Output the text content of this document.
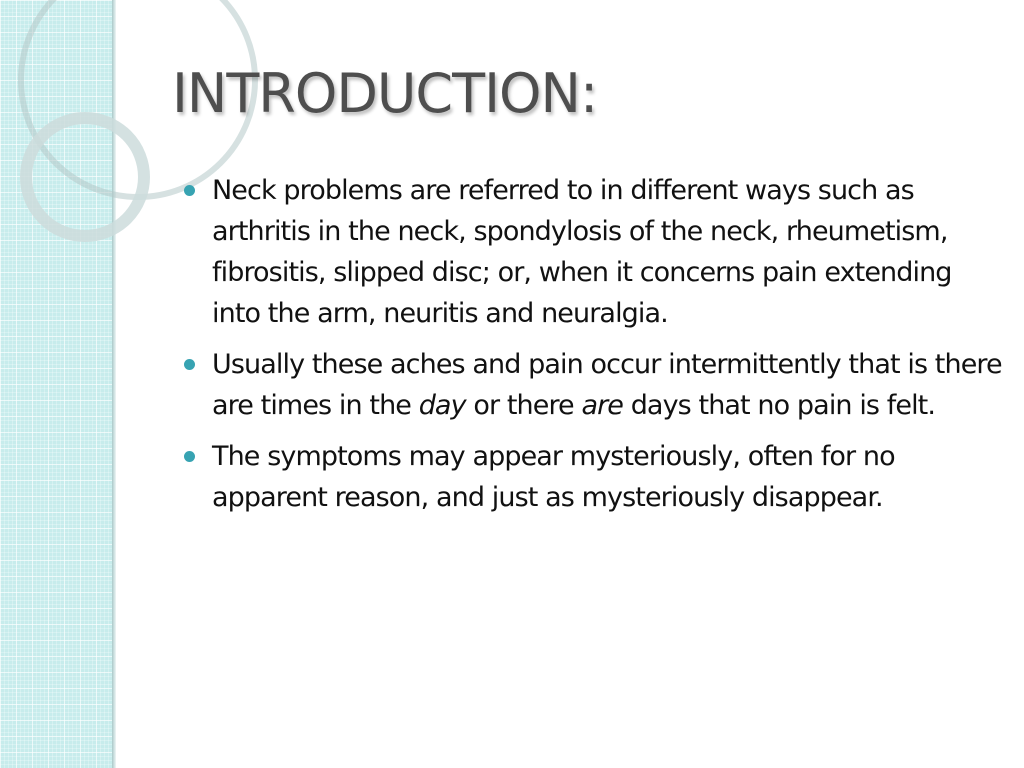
INTRODUCTION:
Neck problems are referred to in different ways such as arthritis in the neck, spondylosis of the neck, rheumetism, fibrositis, slipped disc; or, when it concerns pain extending into the arm, neuritis and neuralgia.
Usually these aches and pain occur intermittently that is there are times in the day or there are days that no pain is felt.
The symptoms may appear mysteriously, often for no apparent reason, and just as mysteriously disappear.
